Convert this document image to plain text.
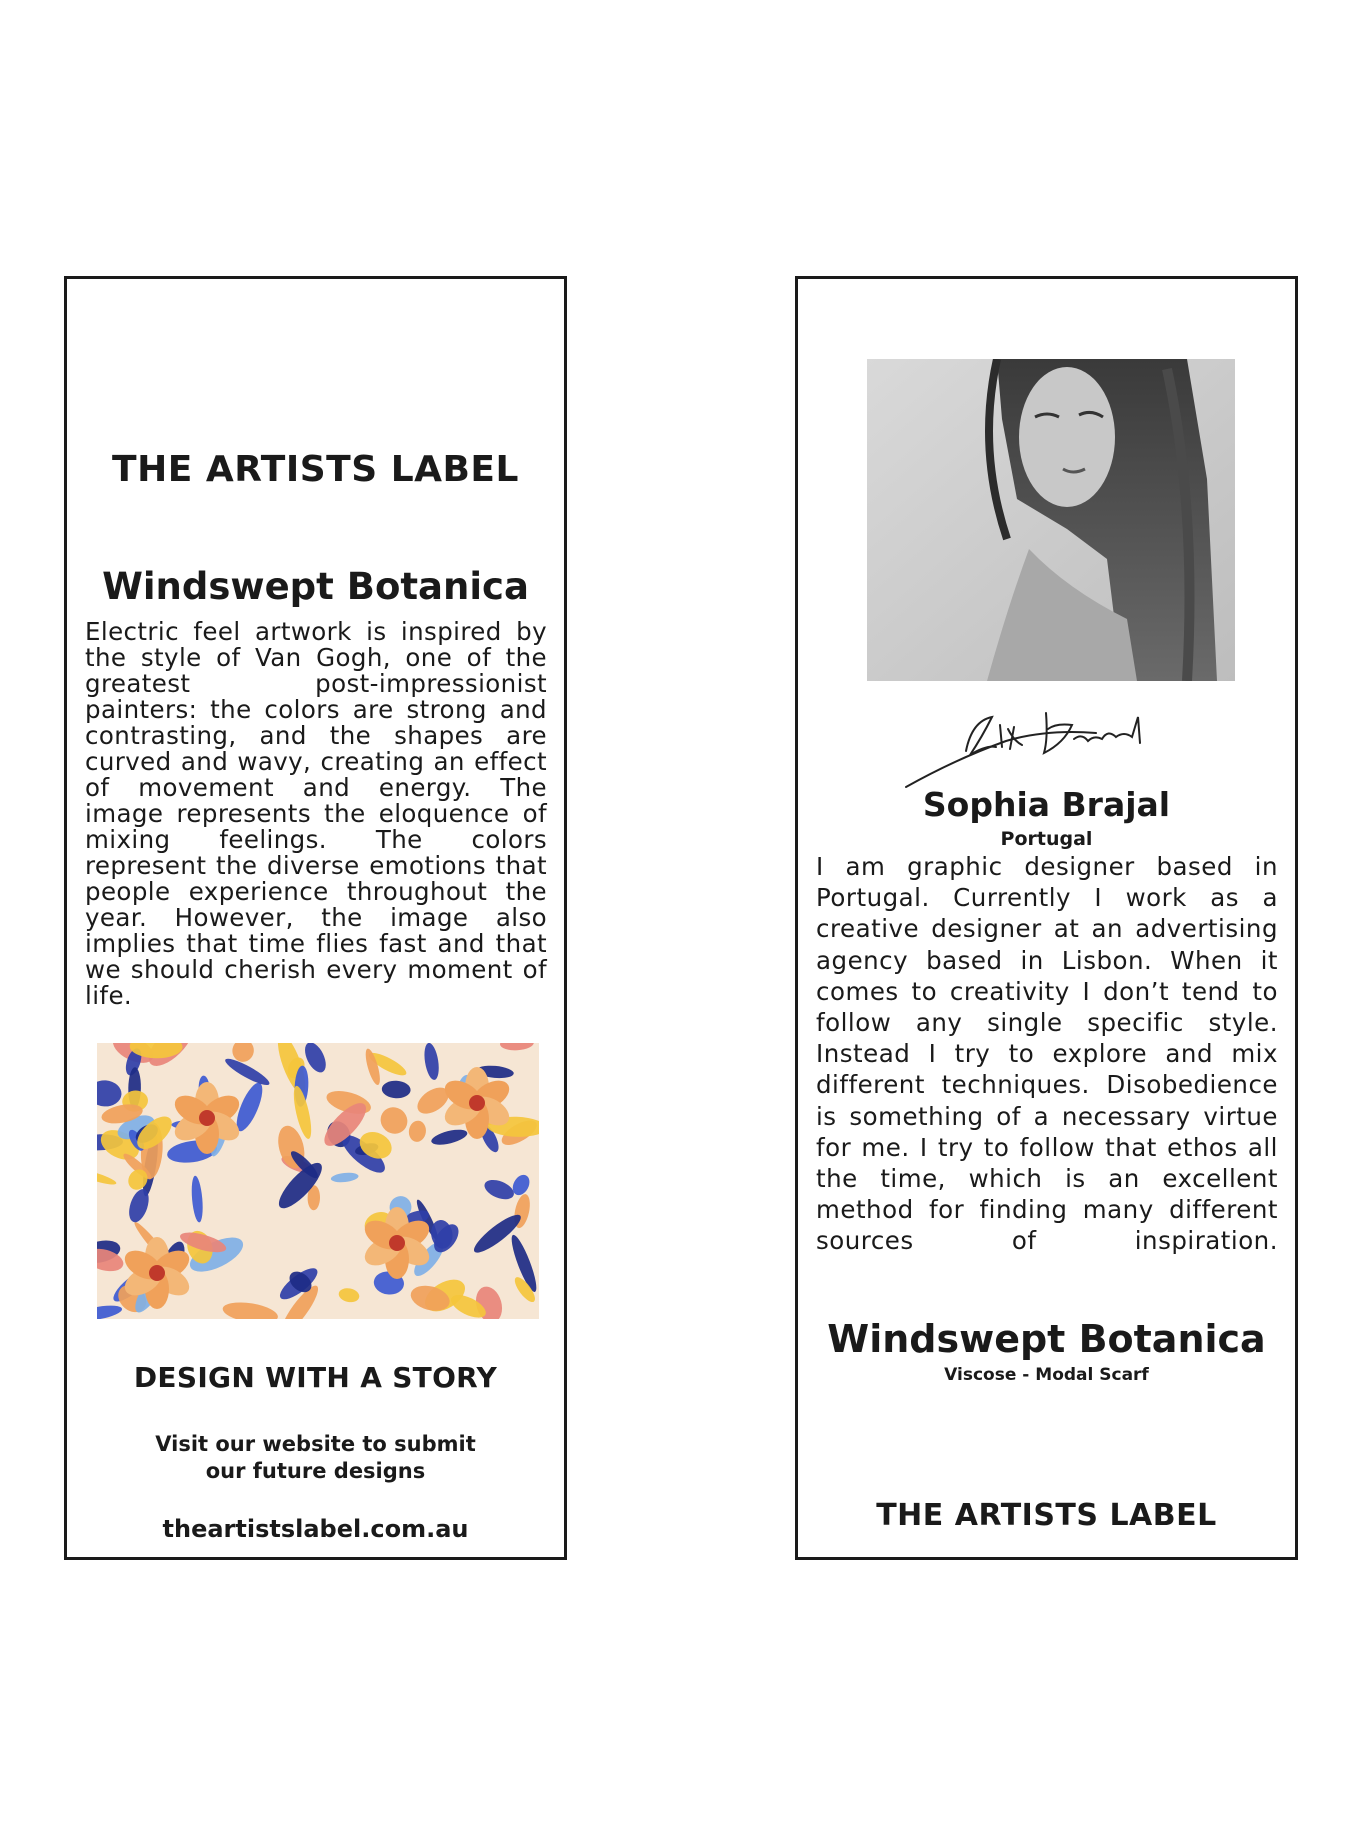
THE ARTISTS LABEL
Windswept Botanica
Electric feel artwork is inspired by the style of Van Gogh, one of the greatest post-impressionist painters: the colors are strong and contrasting, and the shapes are curved and wavy, creating an effect of movement and energy. The image represents the eloquence of mixing feelings. The colors represent the diverse emotions that people experience throughout the year. However, the image also implies that time flies fast and that we should cherish every moment of life.
DESIGN WITH A STORY
Visit our website to submit
our future designs
theartistslabel.com.au
Sophia Brajal
Portugal
I am graphic designer based in Portugal. Currently I work as a creative designer at an advertising agency based in Lisbon. When it comes to creativity I don’t tend to follow any single specific style. Instead I try to explore and mix different techniques. Disobedience is something of a necessary virtue for me. I try to follow that ethos all the time, which is an excellent method for finding many different sources of inspiration.
Windswept Botanica
Viscose - Modal Scarf
THE ARTISTS LABEL
